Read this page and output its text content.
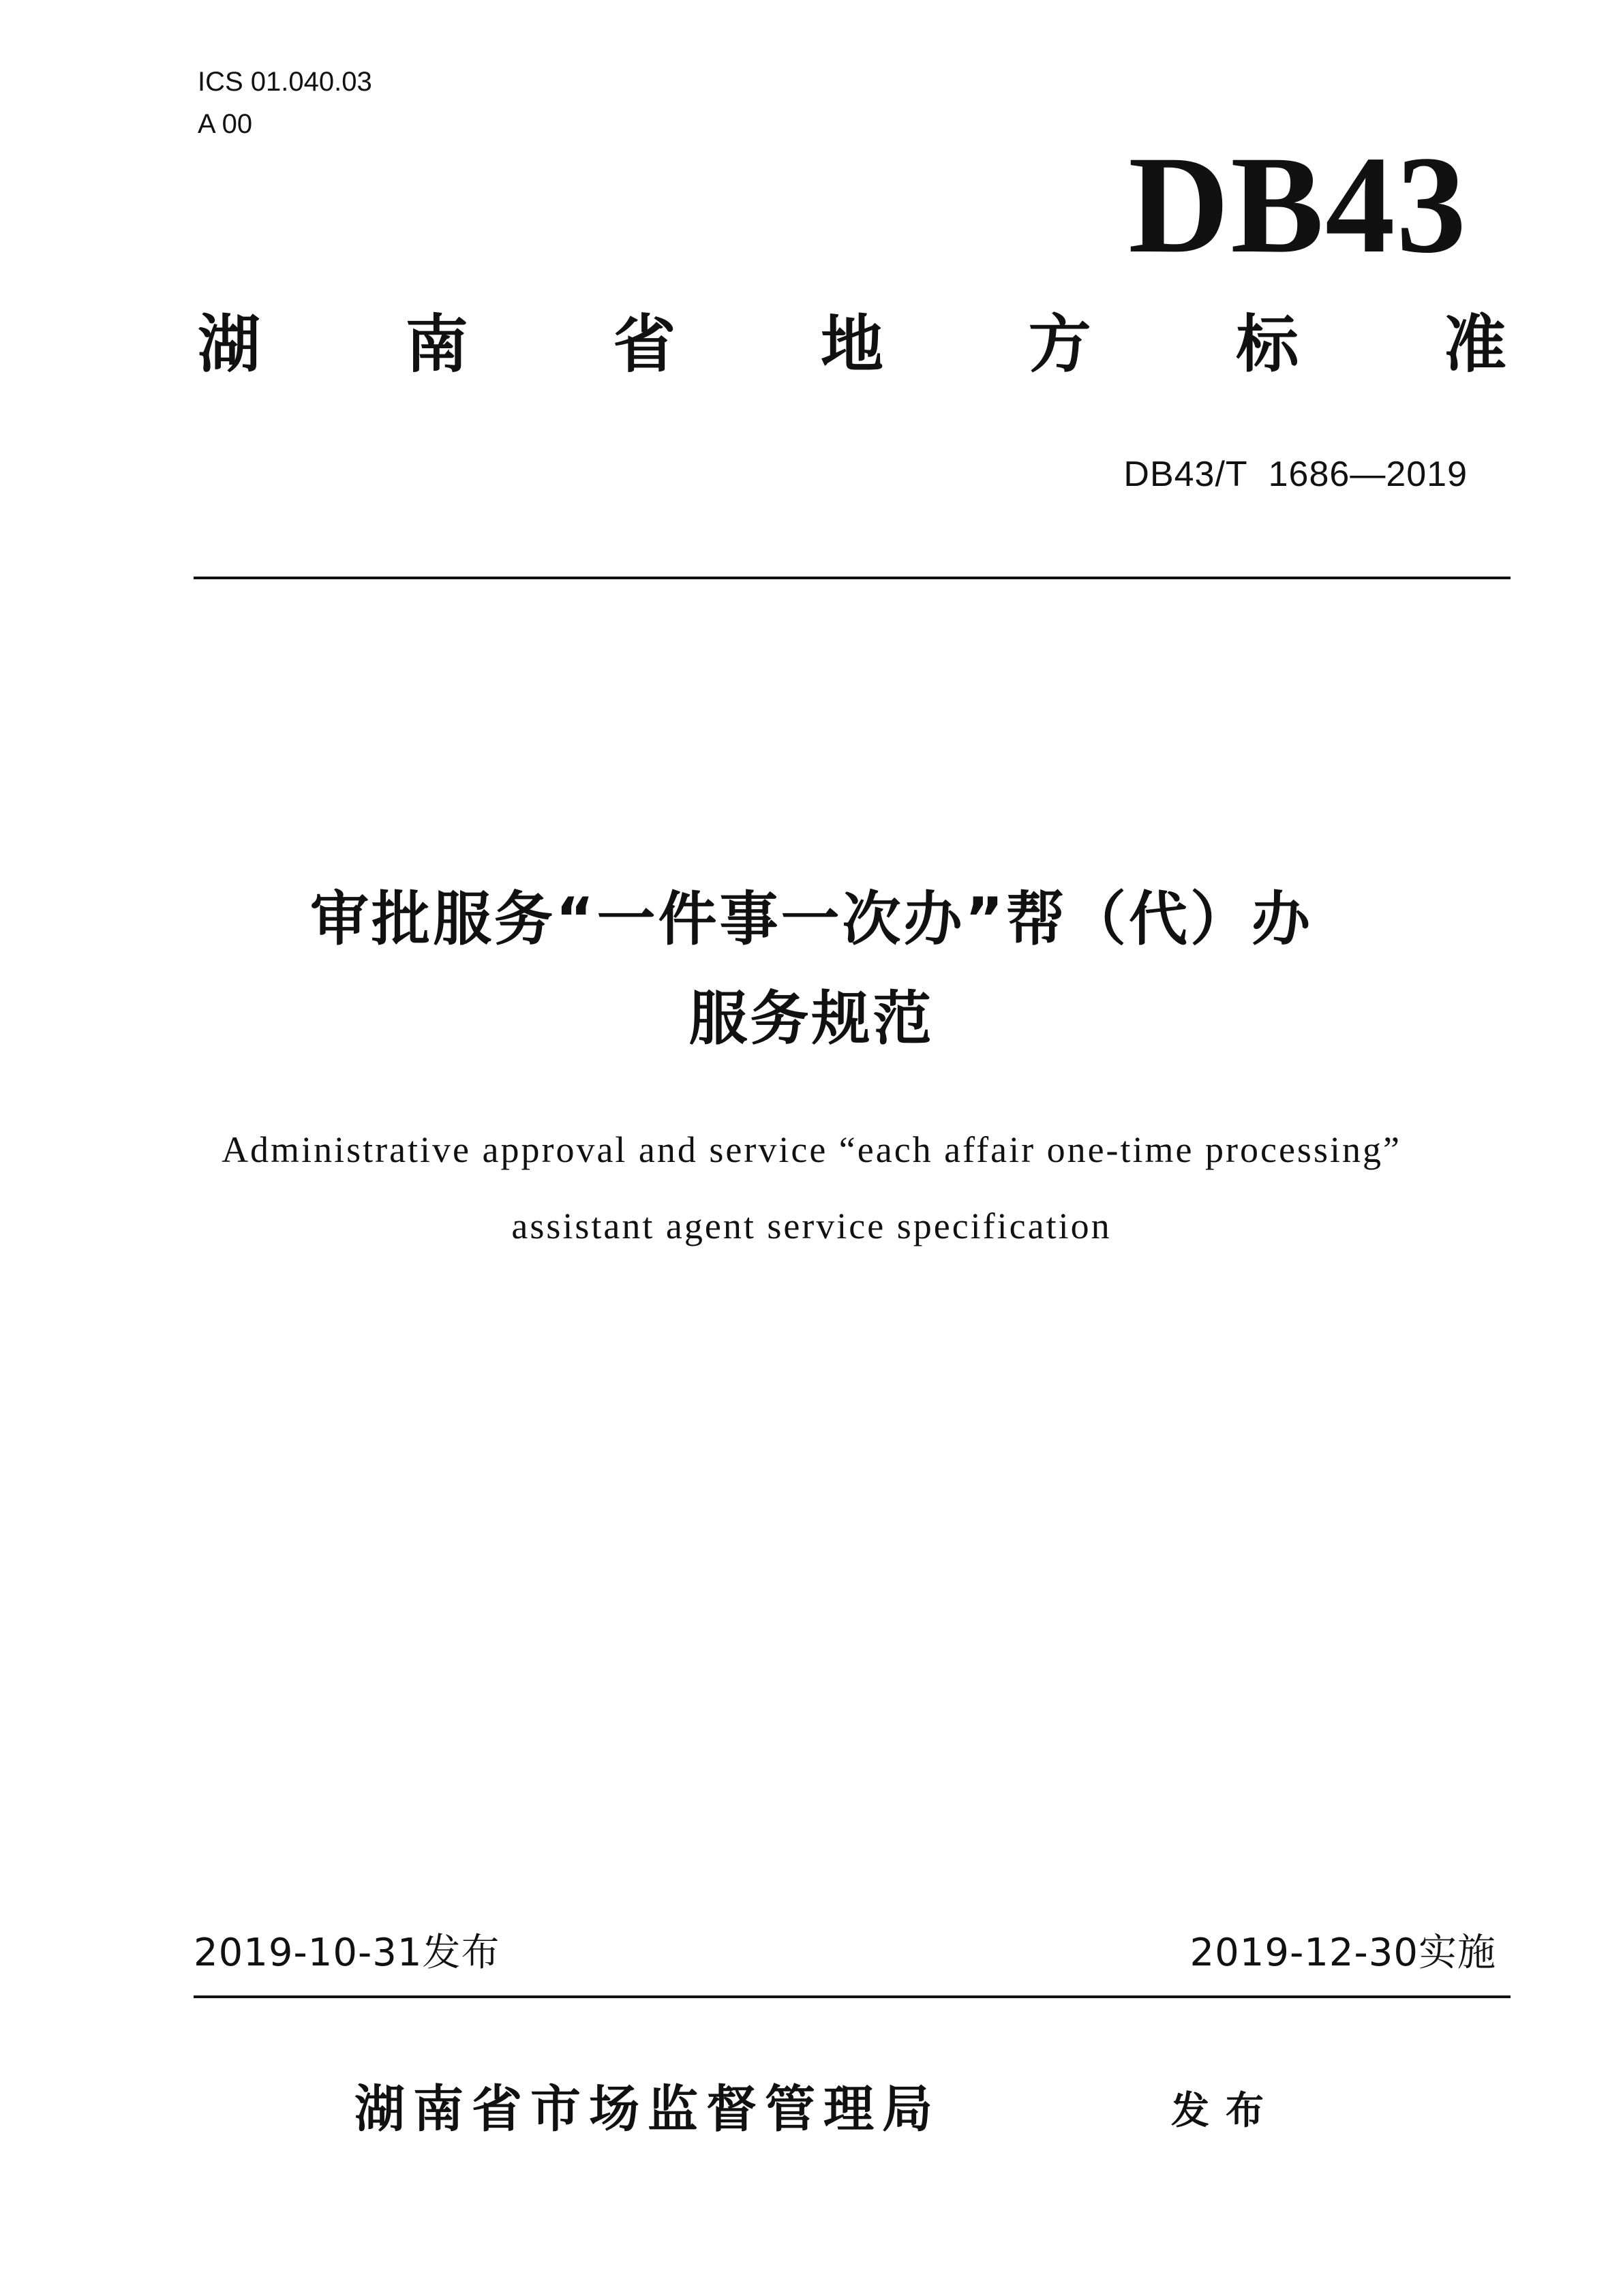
ICS 01.040.03
A 00
DB43
湖 南 省 地 方 标 准
DB43/T  1686—2019
审批服务“一件事一次办”帮（代）办
服务规范
Administrative approval and service “each affair one-time processing”
assistant agent service specification
2019-10-31发布	2019-12-30实施
湖南省市场监督管理局	发布
